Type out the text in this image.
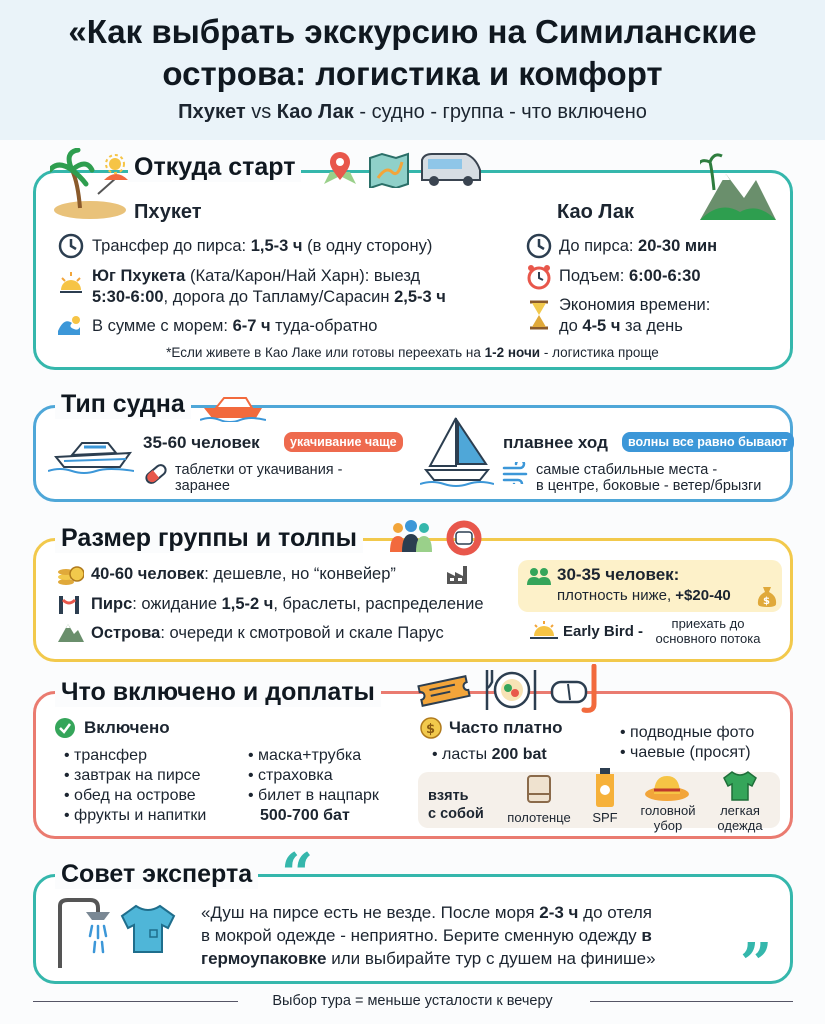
«Как выбрать экскурсию на Симиланские
острова: логистика и комфорт
Пхукет vs Као Лак - судно - группа - что включено
Откуда старт
Пхукет	Као Лак
Трансфер до пирса: 1,5-3 ч (в одну сторону)
Юг Пхукета (Ката/Карон/Най Харн): выезд
5:30-6:00, дорога до Тапламу/Сарасин 2,5-3 ч
В сумме с морем: 6-7 ч туда-обратно
До пирса: 20-30 мин
Подъем: 6:00-6:30
Экономия времени:
до 4-5 ч за день
*Если живете в Као Лаке или готовы переехать на 1-2 ночи - логистика проще
Тип судна
35-60 человек	укачивание чаще
таблетки от укачивания -
заранее
плавнее ход	волны все равно бывают
самые стабильные места -
в центре, боковые - ветер/брызги
Размер группы и толпы
40-60 человек: дешевле, но “конвейер”
Пирс: ожидание 1,5-2 ч, браслеты, распределение
Острова: очереди к смотровой и скале Парус
30-35 человек:
плотность ниже, +$20-40	$
Early Bird -	приехать до
основного потока
Что включено и доплаты
Включено
• трансфер
• завтрак на пирсе
• обед на острове
• фрукты и напитки
• маска+трубка
• страховка
• билет в нацпарк
500-700 бат
$ Часто платно
• ласты 200 bat
• подводные фото
• чаевые (просят)
взять
с собой	полотенце	SPF	головной убор
легкая одежда
Совет эксперта “
«Душ на пирсе есть не везде. После моря 2-3 ч до отеля
в мокрой одежде - неприятно. Берите сменную одежду в
гермоупаковке или выбирайте тур с душем на финише» ”
Выбор тура = меньше усталости к вечеру
